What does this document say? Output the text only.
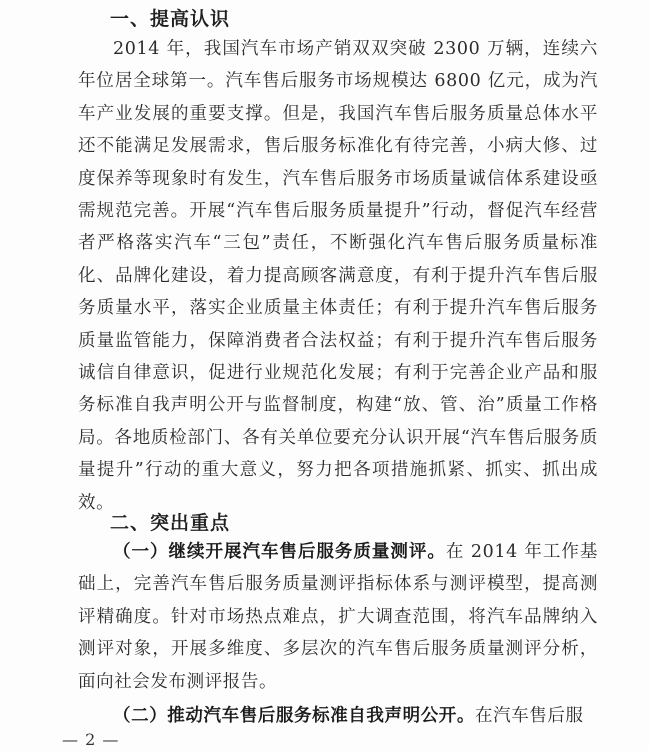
一、提高认识

2014 年，我国汽车市场产销双双突破 2300 万辆，连续六年位居全球第一。汽车售后服务市场规模达 6800 亿元，成为汽车产业发展的重要支撑。但是，我国汽车售后服务质量总体水平还不能满足发展需求，售后服务标准化有待完善，小病大修、过度保养等现象时有发生，汽车售后服务市场质量诚信体系建设亟需规范完善。开展“汽车售后服务质量提升”行动，督促汽车经营者严格落实汽车“三包”责任，不断强化汽车售后服务质量标准化、品牌化建设，着力提高顾客满意度，有利于提升汽车售后服务质量水平，落实企业质量主体责任；有利于提升汽车售后服务质量监管能力，保障消费者合法权益；有利于提升汽车售后服务诚信自律意识，促进行业规范化发展；有利于完善企业产品和服务标准自我声明公开与监督制度，构建“放、管、治”质量工作格局。各地质检部门、各有关单位要充分认识开展“汽车售后服务质量提升”行动的重大意义，努力把各项措施抓紧、抓实、抓出成效。

二、突出重点

（一）继续开展汽车售后服务质量测评。在 2014 年工作基础上，完善汽车售后服务质量测评指标体系与测评模型，提高测评精确度。针对市场热点难点，扩大调查范围，将汽车品牌纳入测评对象，开展多维度、多层次的汽车售后服务质量测评分析，面向社会发布测评报告。

（二）推动汽车售后服务标准自我声明公开。在汽车售后服

— 2 —
